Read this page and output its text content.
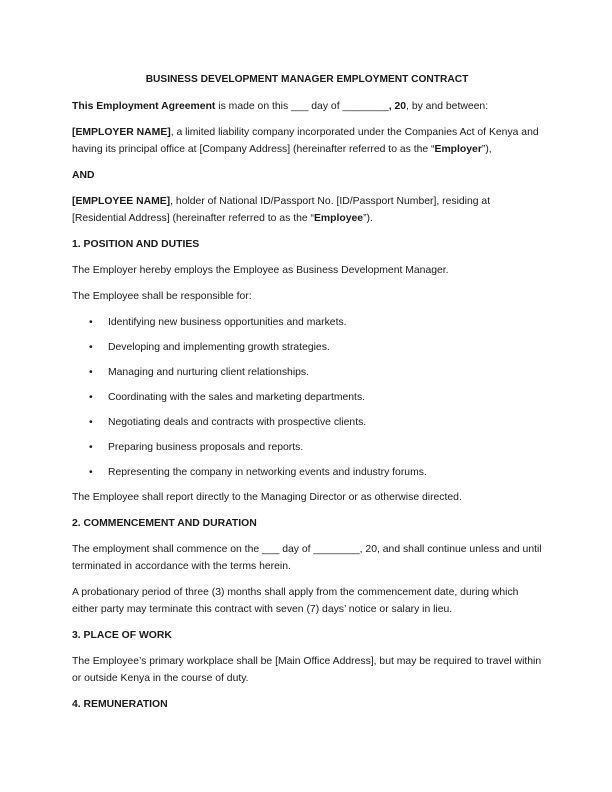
BUSINESS DEVELOPMENT MANAGER EMPLOYMENT CONTRACT

This Employment Agreement is made on this ___ day of ________, 20, by and between:

[EMPLOYER NAME], a limited liability company incorporated under the Companies Act of Kenya and having its principal office at [Company Address] (hereinafter referred to as the “Employer”),

AND

[EMPLOYEE NAME], holder of National ID/Passport No. [ID/Passport Number], residing at [Residential Address] (hereinafter referred to as the “Employee”).

1. POSITION AND DUTIES

The Employer hereby employs the Employee as Business Development Manager.

The Employee shall be responsible for:

• Identifying new business opportunities and markets.
• Developing and implementing growth strategies.
• Managing and nurturing client relationships.
• Coordinating with the sales and marketing departments.
• Negotiating deals and contracts with prospective clients.
• Preparing business proposals and reports.
• Representing the company in networking events and industry forums.

The Employee shall report directly to the Managing Director or as otherwise directed.

2. COMMENCEMENT AND DURATION

The employment shall commence on the ___ day of ________, 20, and shall continue unless and until terminated in accordance with the terms herein.

A probationary period of three (3) months shall apply from the commencement date, during which either party may terminate this contract with seven (7) days’ notice or salary in lieu.

3. PLACE OF WORK

The Employee’s primary workplace shall be [Main Office Address], but may be required to travel within or outside Kenya in the course of duty.

4. REMUNERATION
